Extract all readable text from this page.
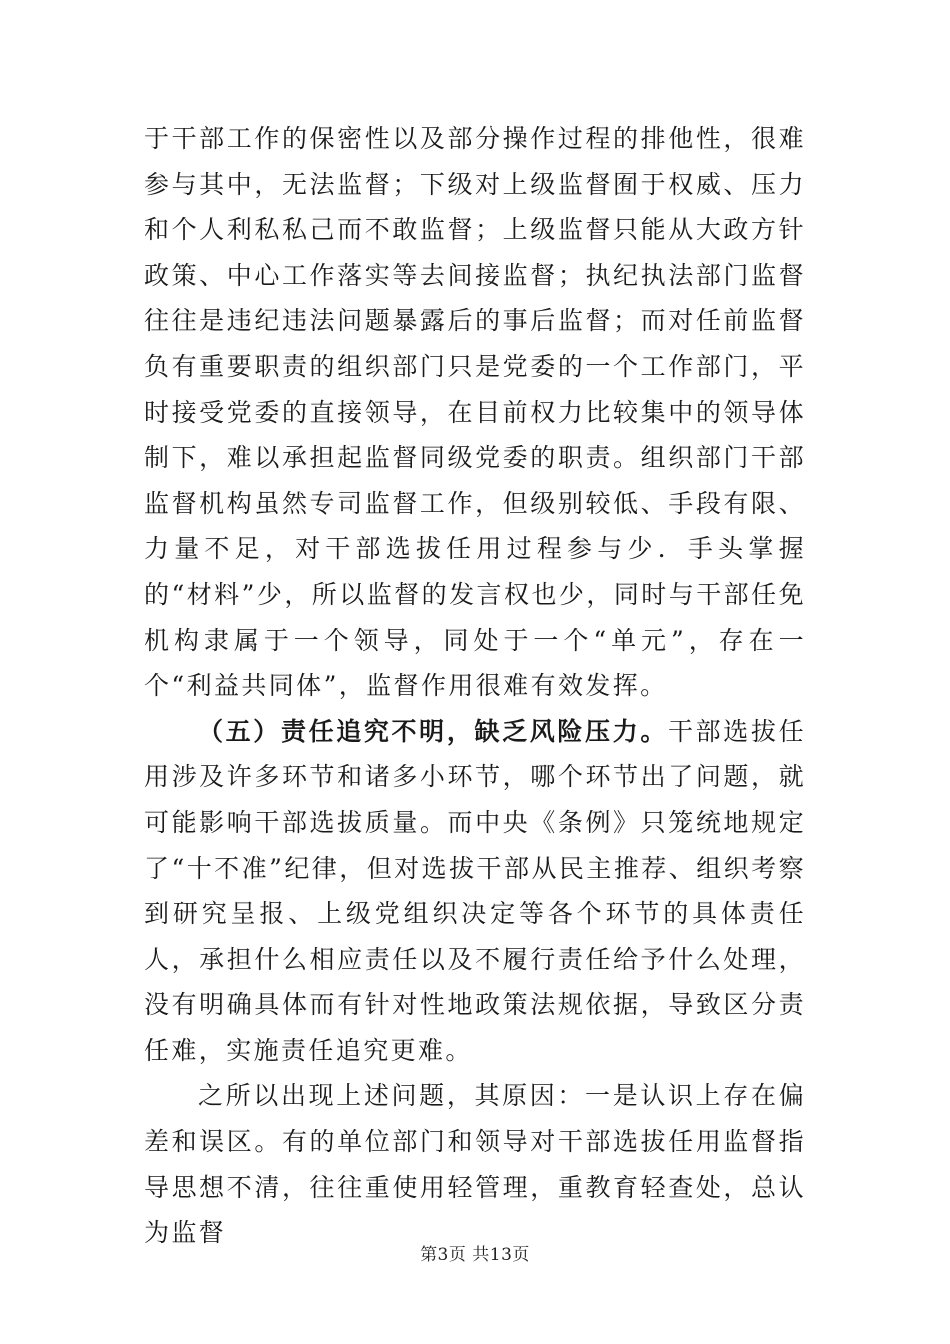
于干部工作的保密性以及部分操作过程的排他性，很难参与其中，无法监督；下级对上级监督囿于权威、压力和个人利私私己而不敢监督；上级监督只能从大政方针政策、中心工作落实等去间接监督；执纪执法部门监督往往是违纪违法问题暴露后的事后监督；而对任前监督负有重要职责的组织部门只是党委的一个工作部门，平时接受党委的直接领导，在目前权力比较集中的领导体制下，难以承担起监督同级党委的职责。组织部门干部监督机构虽然专司监督工作，但级别较低、手段有限、力量不足，对干部选拔任用过程参与少．手头掌握的“材料”少，所以监督的发言权也少，同时与干部任免机构隶属于一个领导，同处于一个“单元”，存在一个“利益共同体”，监督作用很难有效发挥。

（五）责任追究不明，缺乏风险压力。干部选拔任用涉及许多环节和诸多小环节，哪个环节出了问题，就可能影响干部选拔质量。而中央《条例》只笼统地规定了“十不准”纪律，但对选拔干部从民主推荐、组织考察到研究呈报、上级党组织决定等各个环节的具体责任人，承担什么相应责任以及不履行责任给予什么处理，没有明确具体而有针对性地政策法规依据，导致区分责任难，实施责任追究更难。

之所以出现上述问题，其原因：一是认识上存在偏差和误区。有的单位部门和领导对干部选拔任用监督指导思想不清，往往重使用轻管理，重教育轻查处，总认为监督

第3页 共13页
